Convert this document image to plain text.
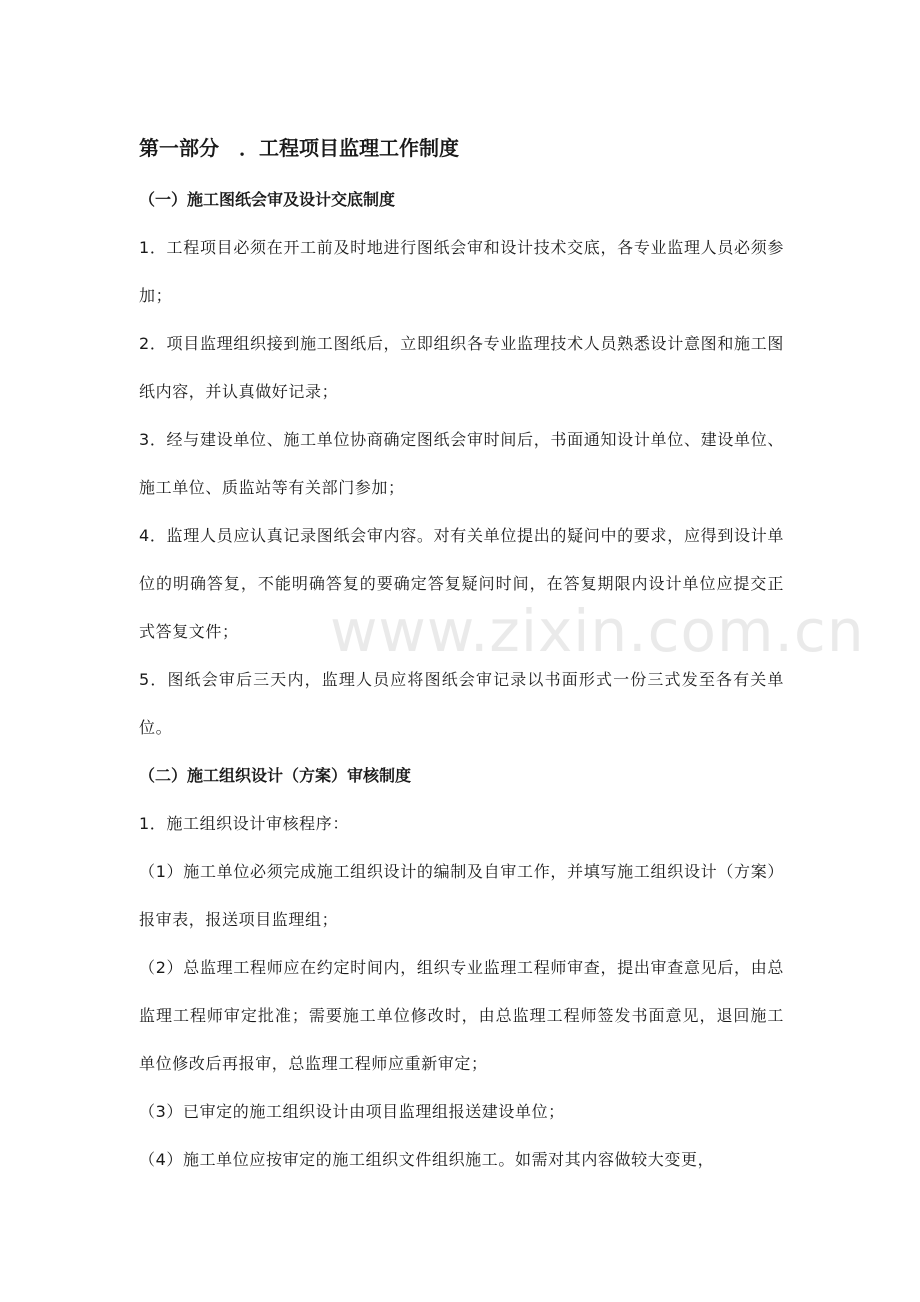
第一部分　．工程项目监理工作制度
（一）施工图纸会审及设计交底制度

1．工程项目必须在开工前及时地进行图纸会审和设计技术交底，各专业监理人员必须参加；

2．项目监理组织接到施工图纸后，立即组织各专业监理技术人员熟悉设计意图和施工图纸内容，并认真做好记录；

3．经与建设单位、施工单位协商确定图纸会审时间后，书面通知设计单位、建设单位、施工单位、质监站等有关部门参加；

4．监理人员应认真记录图纸会审内容。对有关单位提出的疑问中的要求，应得到设计单位的明确答复，不能明确答复的要确定答复疑问时间，在答复期限内设计单位应提交正式答复文件；

5．图纸会审后三天内，监理人员应将图纸会审记录以书面形式一份三式发至各有关单位。

（二）施工组织设计（方案）审核制度

1．施工组织设计审核程序：

（1）施工单位必须完成施工组织设计的编制及自审工作，并填写施工组织设计（方案）报审表，报送项目监理组；

（2）总监理工程师应在约定时间内，组织专业监理工程师审查，提出审查意见后，由总监理工程师审定批准；需要施工单位修改时，由总监理工程师签发书面意见，退回施工单位修改后再报审，总监理工程师应重新审定；

（3）已审定的施工组织设计由项目监理组报送建设单位；

（4）施工单位应按审定的施工组织文件组织施工。如需对其内容做较大变更，

www.zixin.com.cn
